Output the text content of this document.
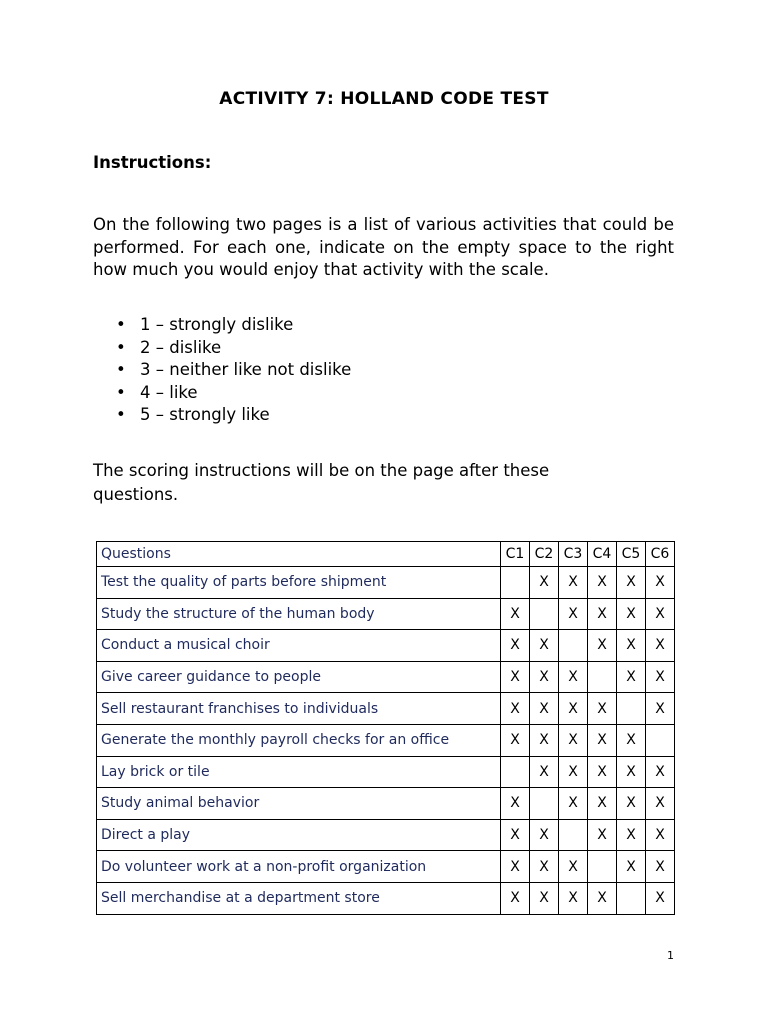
ACTIVITY 7: HOLLAND CODE TEST
Instructions:

On the following two pages is a list of various activities that could be performed. For each one, indicate on the empty space to the right how much you would enjoy that activity with the scale.

• 1 – strongly dislike
• 2 – dislike
• 3 – neither like not dislike
• 4 – like
• 5 – strongly like

The scoring instructions will be on the page after these questions.

Questions	C1	C2	C3	C4	C5	C6
Test the quality of parts before shipment		X	X	X	X	X
Study the structure of the human body	X		X	X	X	X
Conduct a musical choir	X	X		X	X	X
Give career guidance to people	X	X	X		X	X
Sell restaurant franchises to individuals	X	X	X	X		X
Generate the monthly payroll checks for an office	X	X	X	X	X	
Lay brick or tile		X	X	X	X	X
Study animal behavior	X		X	X	X	X
Direct a play	X	X		X	X	X
Do volunteer work at a non-profit organization	X	X	X		X	X
Sell merchandise at a department store	X	X	X	X		X
1
